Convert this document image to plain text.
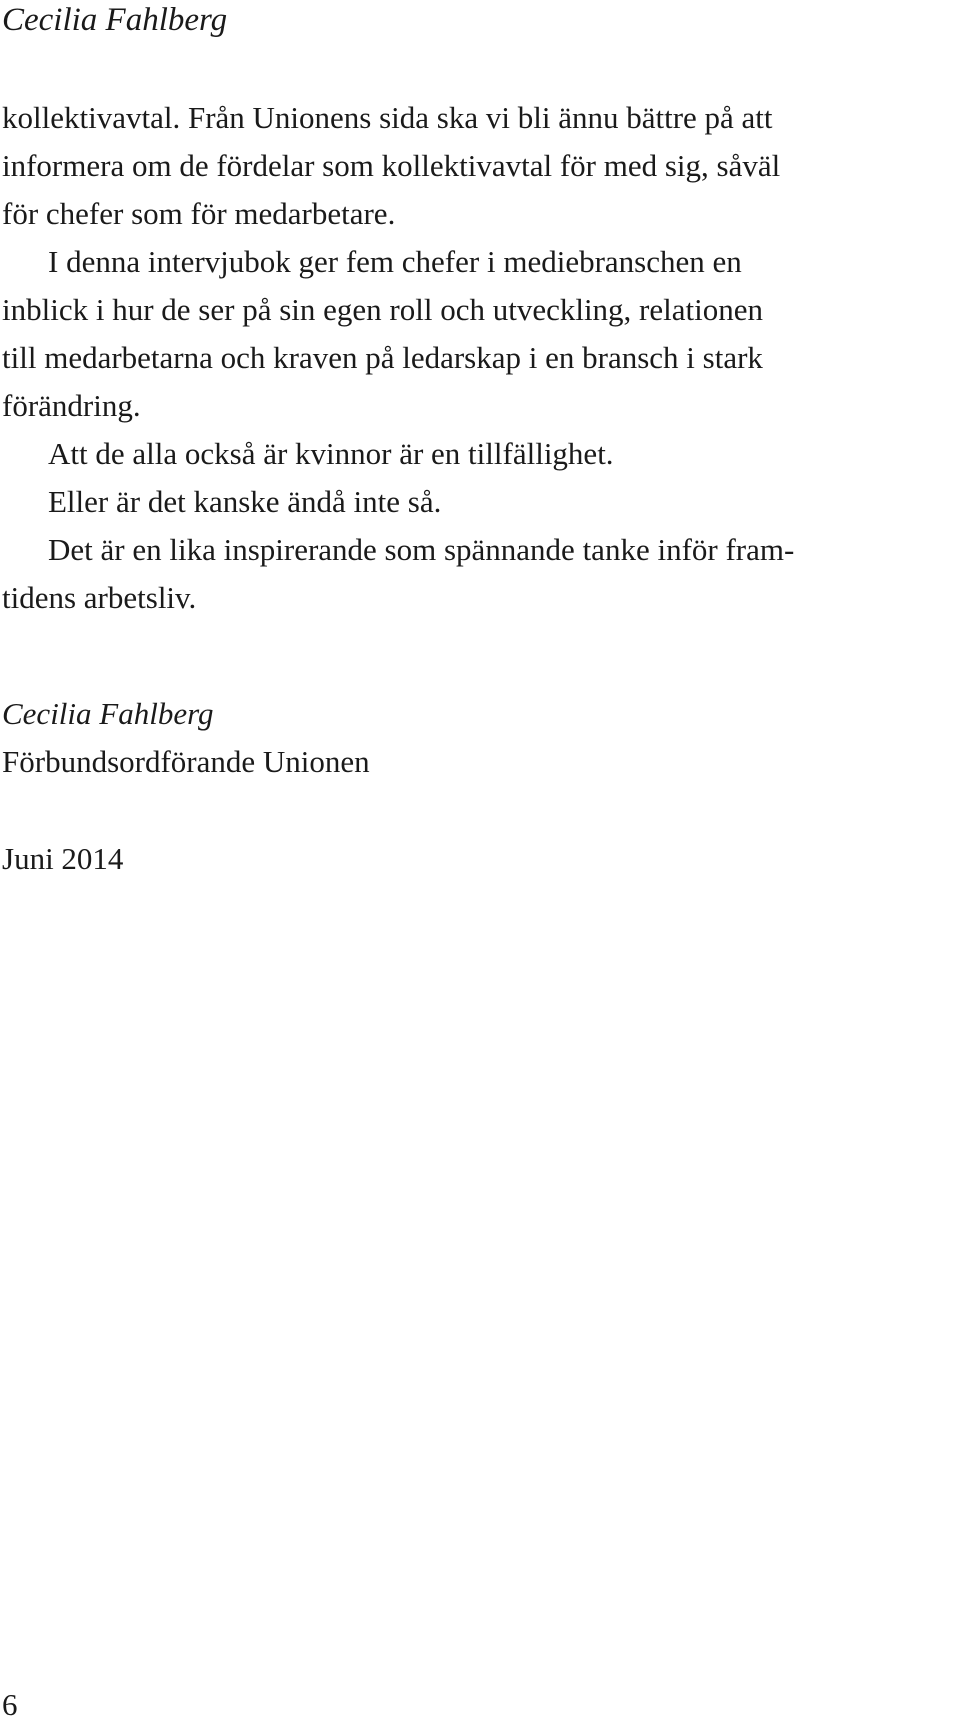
Cecilia Fahlberg
kollektivavtal. Från Unionens sida ska vi bli ännu bättre på att
informera om de fördelar som kollektivavtal för med sig, såväl
för chefer som för medarbetare.
I denna intervjubok ger fem chefer i mediebranschen en
inblick i hur de ser på sin egen roll och utveckling, relationen
till medarbetarna och kraven på ledarskap i en bransch i stark
förändring.
Att de alla också är kvinnor är en tillfällighet.
Eller är det kanske ändå inte så.
Det är en lika inspirerande som spännande tanke inför fram-
tidens arbetsliv.
Cecilia Fahlberg
Förbundsordförande Unionen
Juni 2014
6
